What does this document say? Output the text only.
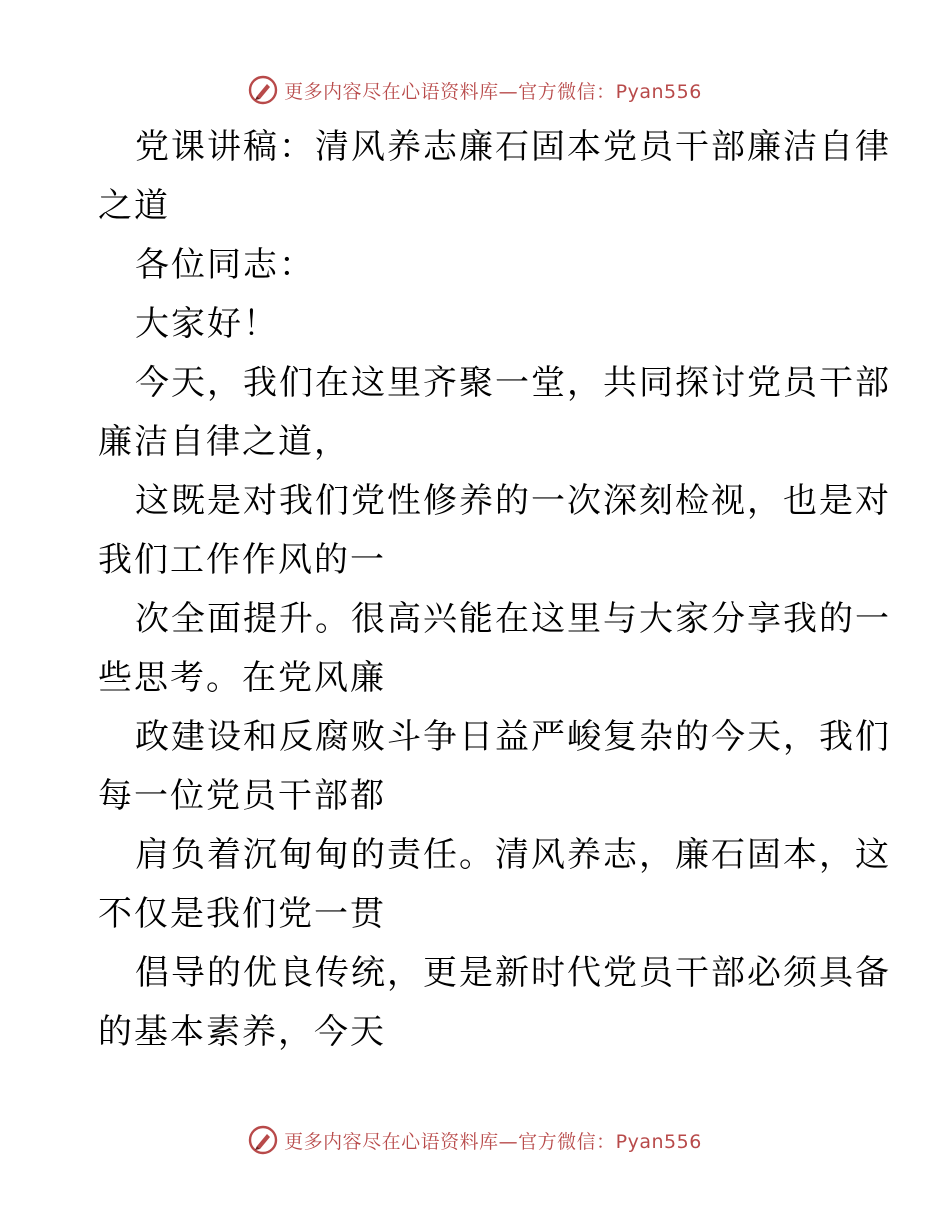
更多内容尽在心语资料库—官方微信：Pyan556
党课讲稿：清风养志廉石固本党员干部廉洁自律
之道
各位同志：
大家好！
今天，我们在这里齐聚一堂，共同探讨党员干部
廉洁自律之道，
这既是对我们党性修养的一次深刻检视，也是对
我们工作作风的一
次全面提升。很高兴能在这里与大家分享我的一
些思考。在党风廉
政建设和反腐败斗争日益严峻复杂的今天，我们
每一位党员干部都
肩负着沉甸甸的责任。清风养志，廉石固本，这
不仅是我们党一贯
倡导的优良传统，更是新时代党员干部必须具备
的基本素养，今天
更多内容尽在心语资料库—官方微信：Pyan556
